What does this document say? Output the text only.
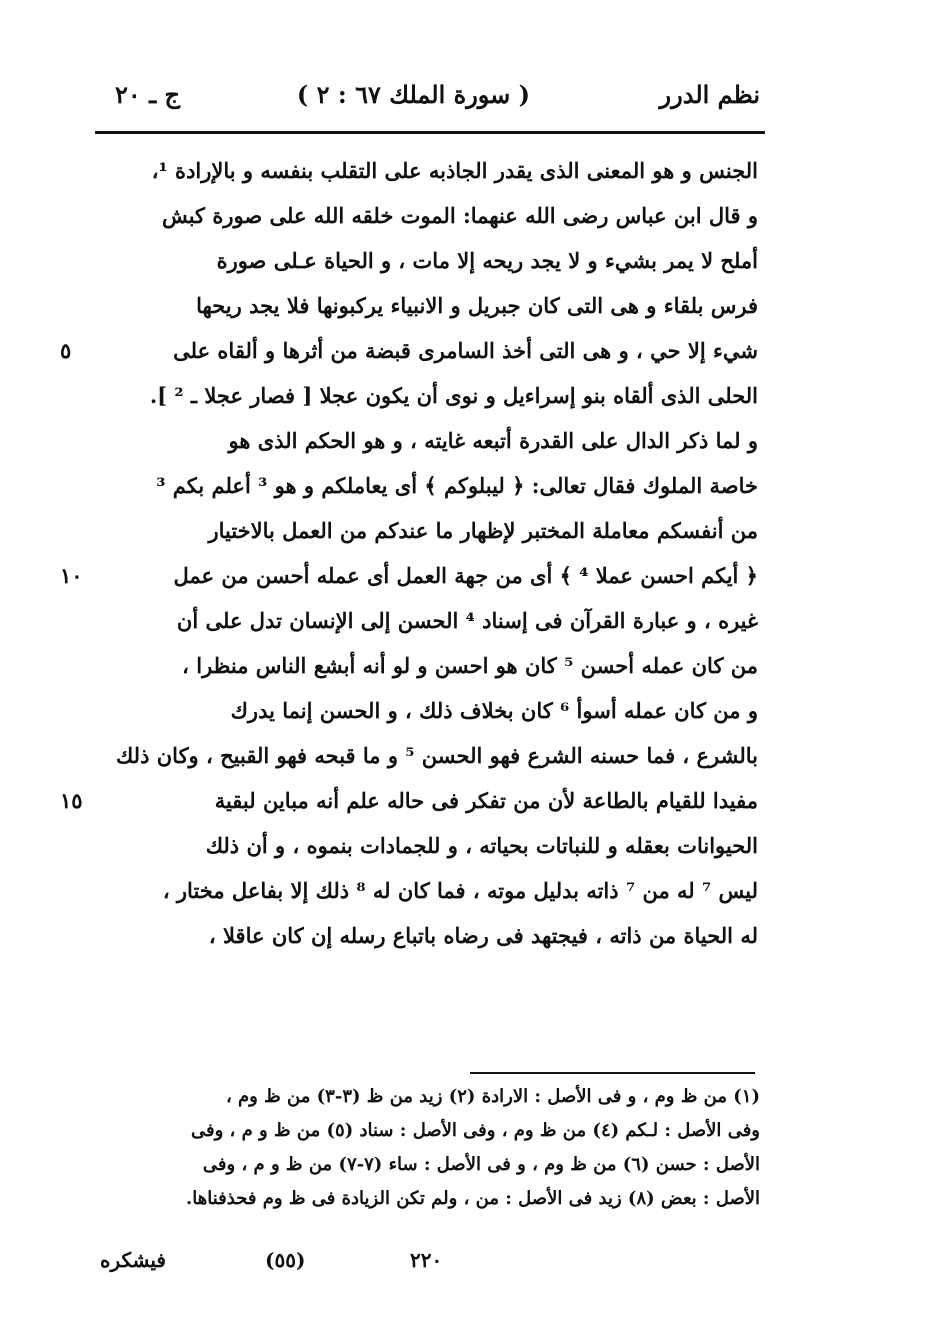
نظم الدرر
( سورة الملك ٦٧ : ٢ )
ج ـ ٢٠
الجنس و هو المعنى الذى يقدر الجاذبه على التقلب بنفسه و بالإرادة ¹،
و قال ابن عباس رضى الله عنهما: الموت خلقه الله على صورة كبش
أملح لا يمر بشيء و لا يجد ريحه إلا مات ، و الحياة عـلى صورة
فرس بلقاء و هى التى كان جبريل و الانبياء يركبونها فلا يجد ريحها
شيء إلا حي ، و هى التى أخذ السامرى قبضة من أثرها و ألقاه على
٥
الحلى الذى ألقاه بنو إسراءيل و نوى أن يكون عجلا [ فصار عجلا ـ ² ].
و لما ذكر الدال على القدرة أتبعه غايته ، و هو الحكم الذى هو
خاصة الملوك فقال تعالى: ﴿ ليبلوكم ﴾ أى يعاملكم و هو ³ أعلم بكم ³
من أنفسكم معاملة المختبر لإظهار ما عندكم من العمل بالاختيار
﴿ أيكم احسن عملا ⁴ ﴾ أى من جهة العمل أى عمله أحسن من عمل
١٠
غيره ، و عبارة القرآن فى إسناد ⁴ الحسن إلى الإنسان تدل على أن
من كان عمله أحسن ⁵ كان هو احسن و لو أنه أبشع الناس منظرا ،
و من كان عمله أسوأ ⁶ كان بخلاف ذلك ، و الحسن إنما يدرك
بالشرع ، فما حسنه الشرع فهو الحسن ⁵ و ما قبحه فهو القبيح ، وكان ذلك
مفيدا للقيام بالطاعة لأن من تفكر فى حاله علم أنه مباين لبقية
١٥
الحيوانات بعقله و للنباتات بحياته ، و للجمادات بنموه ، و أن ذلك
ليس ⁷ له من ⁷ ذاته بدليل موته ، فما كان له ⁸ ذلك إلا بفاعل مختار ،
له الحياة من ذاته ، فيجتهد فى رضاه باتباع رسله إن كان عاقلا ،
(١) من ظ وم ، و فى الأصل : الارادة (٢) زيد من ظ (٣-٣) من ظ وم ،
وفى الأصل : لـكم (٤) من ظ وم ، وفى الأصل : سناد (٥) من ظ و م ، وفى
الأصل : حسن (٦) من ظ وم ، و فى الأصل : ساء (٧-٧) من ظ و م ، وفى
الأصل : بعض (٨) زيد فى الأصل : من ، ولم تكن الزيادة فى ظ وم فحذفناها.
فيشكره	(٥٥)	٢٢٠
